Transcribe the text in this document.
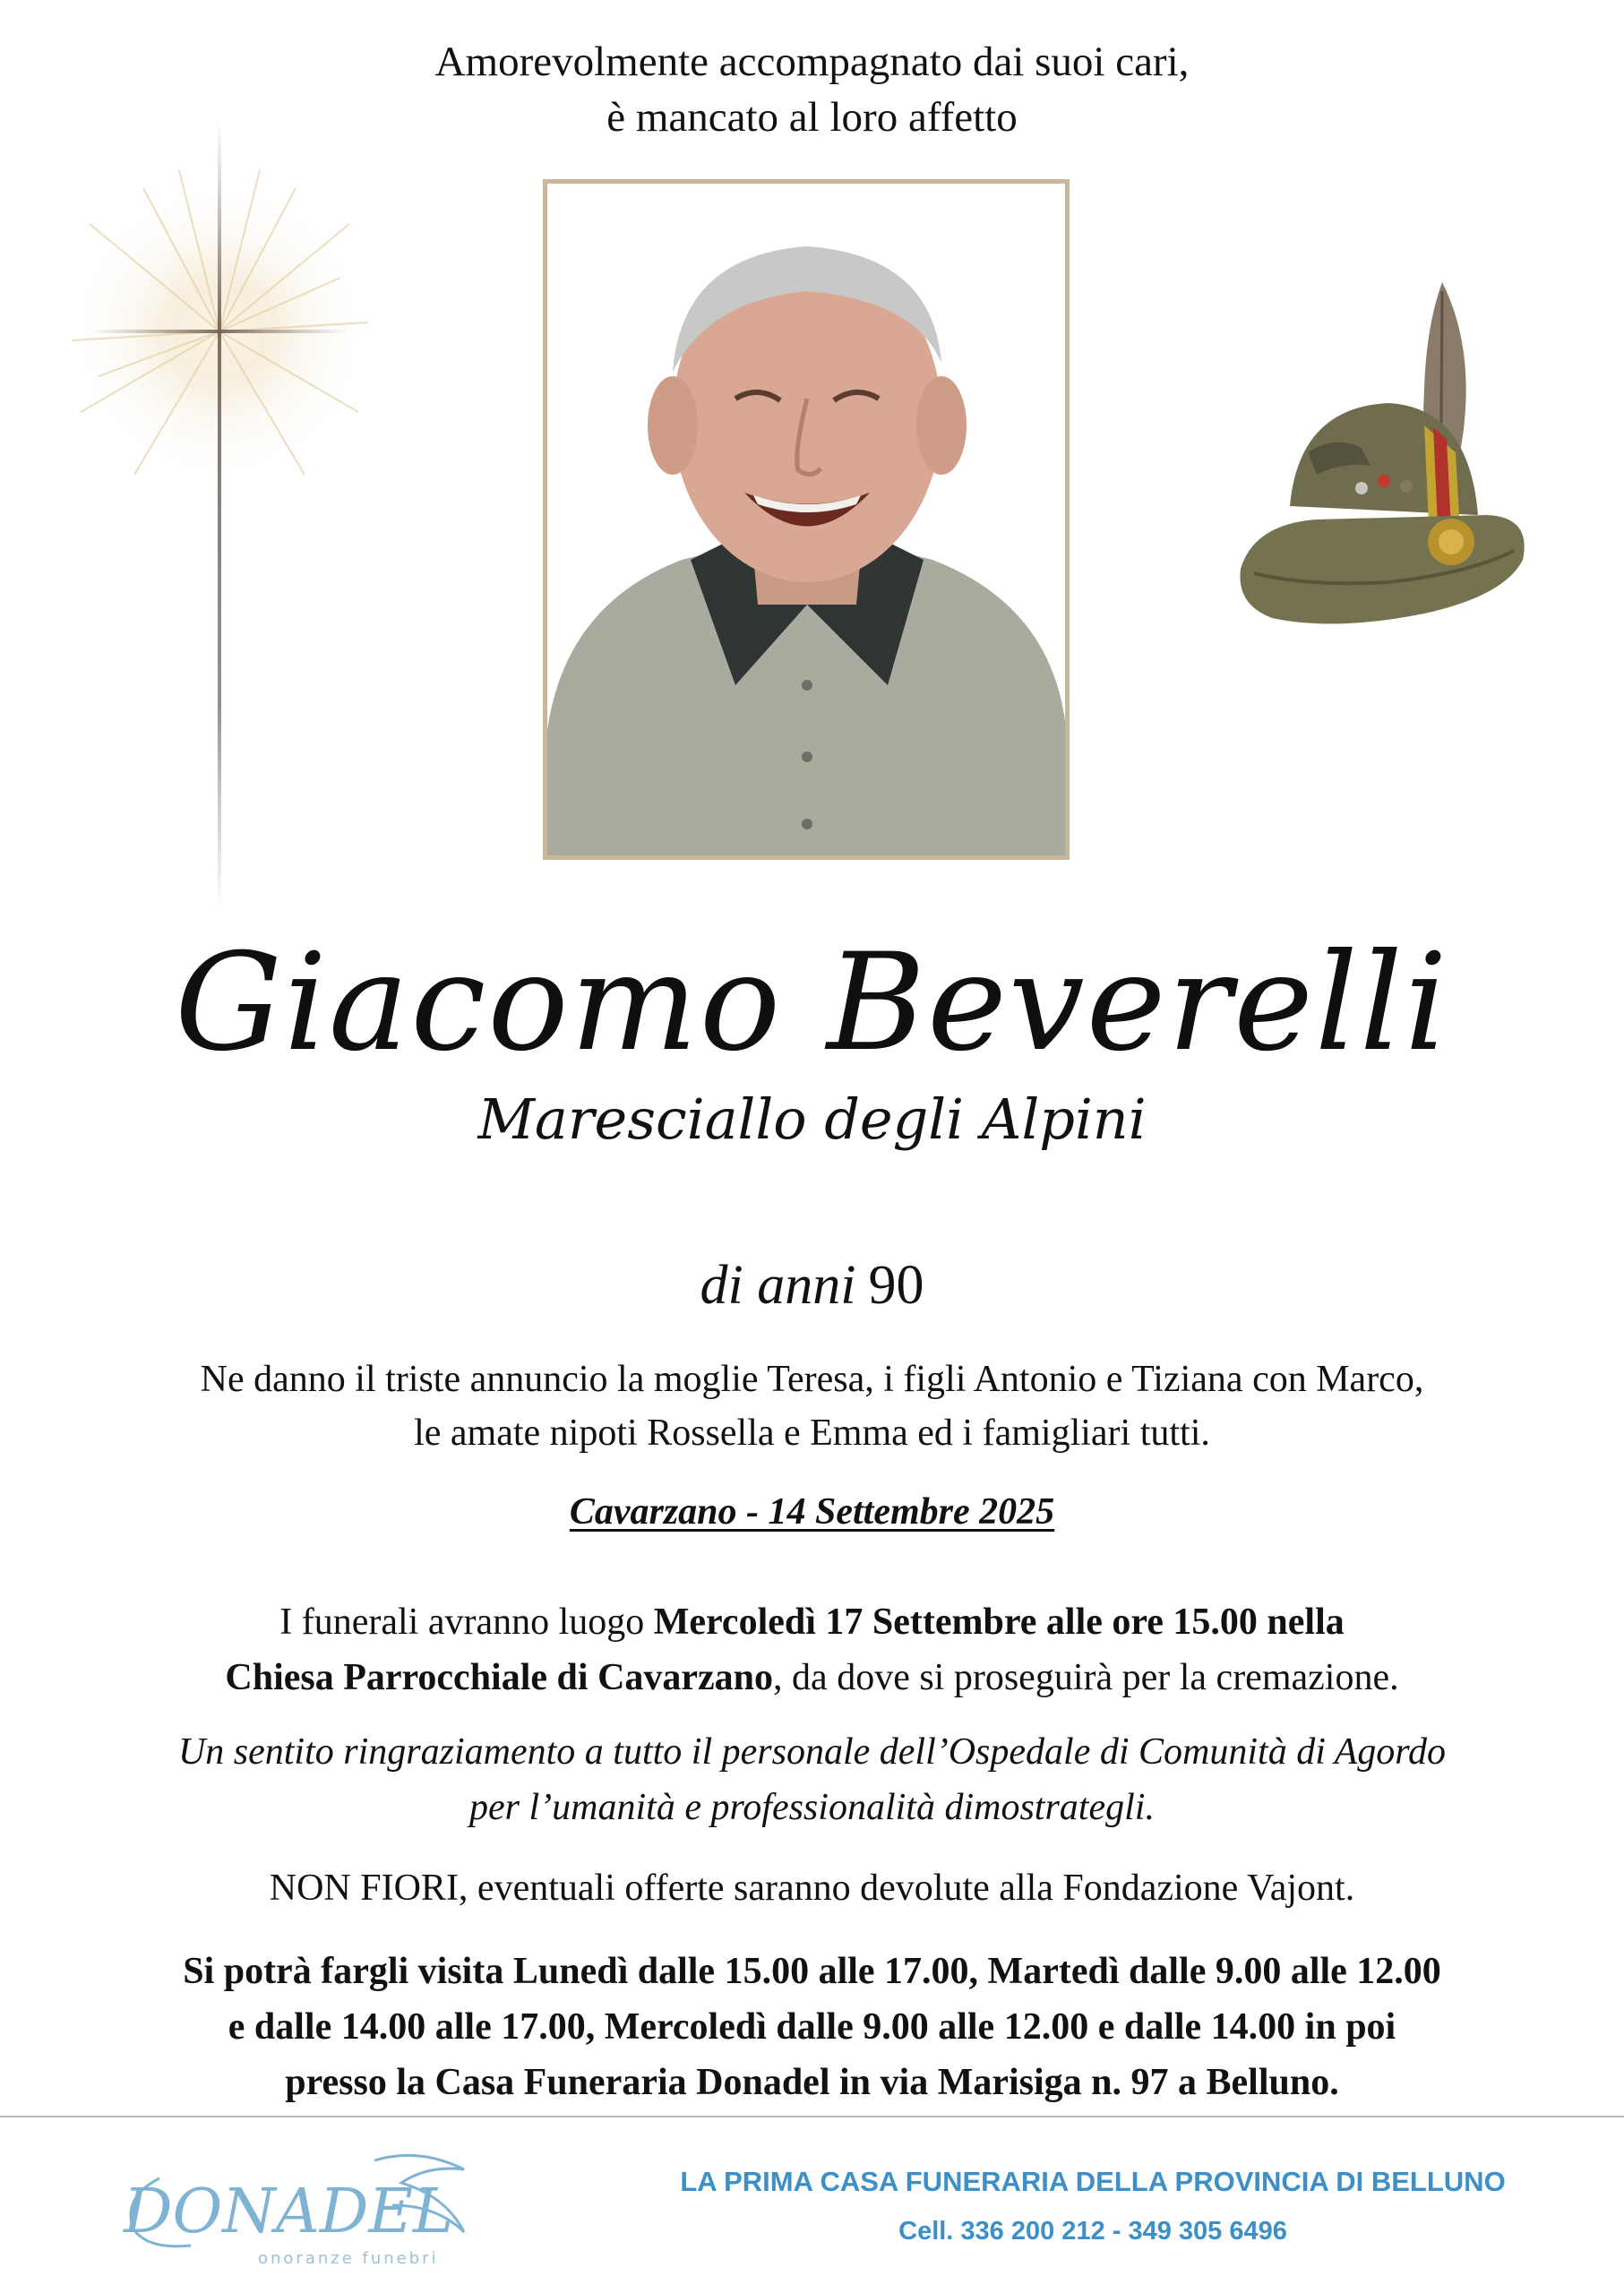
Amorevolmente accompagnato dai suoi cari,
è mancato al loro affetto
Giacomo Beverelli
Maresciallo degli Alpini
di anni 90
Ne danno il triste annuncio la moglie Teresa, i figli Antonio e Tiziana con Marco,
le amate nipoti Rossella e Emma ed i famigliari tutti.
Cavarzano - 14 Settembre 2025
I funerali avranno luogo Mercoledì 17 Settembre alle ore 15.00 nella
Chiesa Parrocchiale di Cavarzano, da dove si proseguirà per la cremazione.
Un sentito ringraziamento a tutto il personale dell’Ospedale di Comunità di Agordo
per l’umanità e professionalità dimostrategli.
NON FIORI, eventuali offerte saranno devolute alla Fondazione Vajont.
Si potrà fargli visita Lunedì dalle 15.00 alle 17.00, Martedì dalle 9.00 alle 12.00
e dalle 14.00 alle 17.00, Mercoledì dalle 9.00 alle 12.00 e dalle 14.00 in poi
presso la Casa Funeraria Donadel in via Marisiga n. 97 a Belluno.
DONADEL
onoranze funebri
LA PRIMA CASA FUNERARIA DELLA PROVINCIA DI BELLUNO
Cell. 336 200 212 - 349 305 6496
